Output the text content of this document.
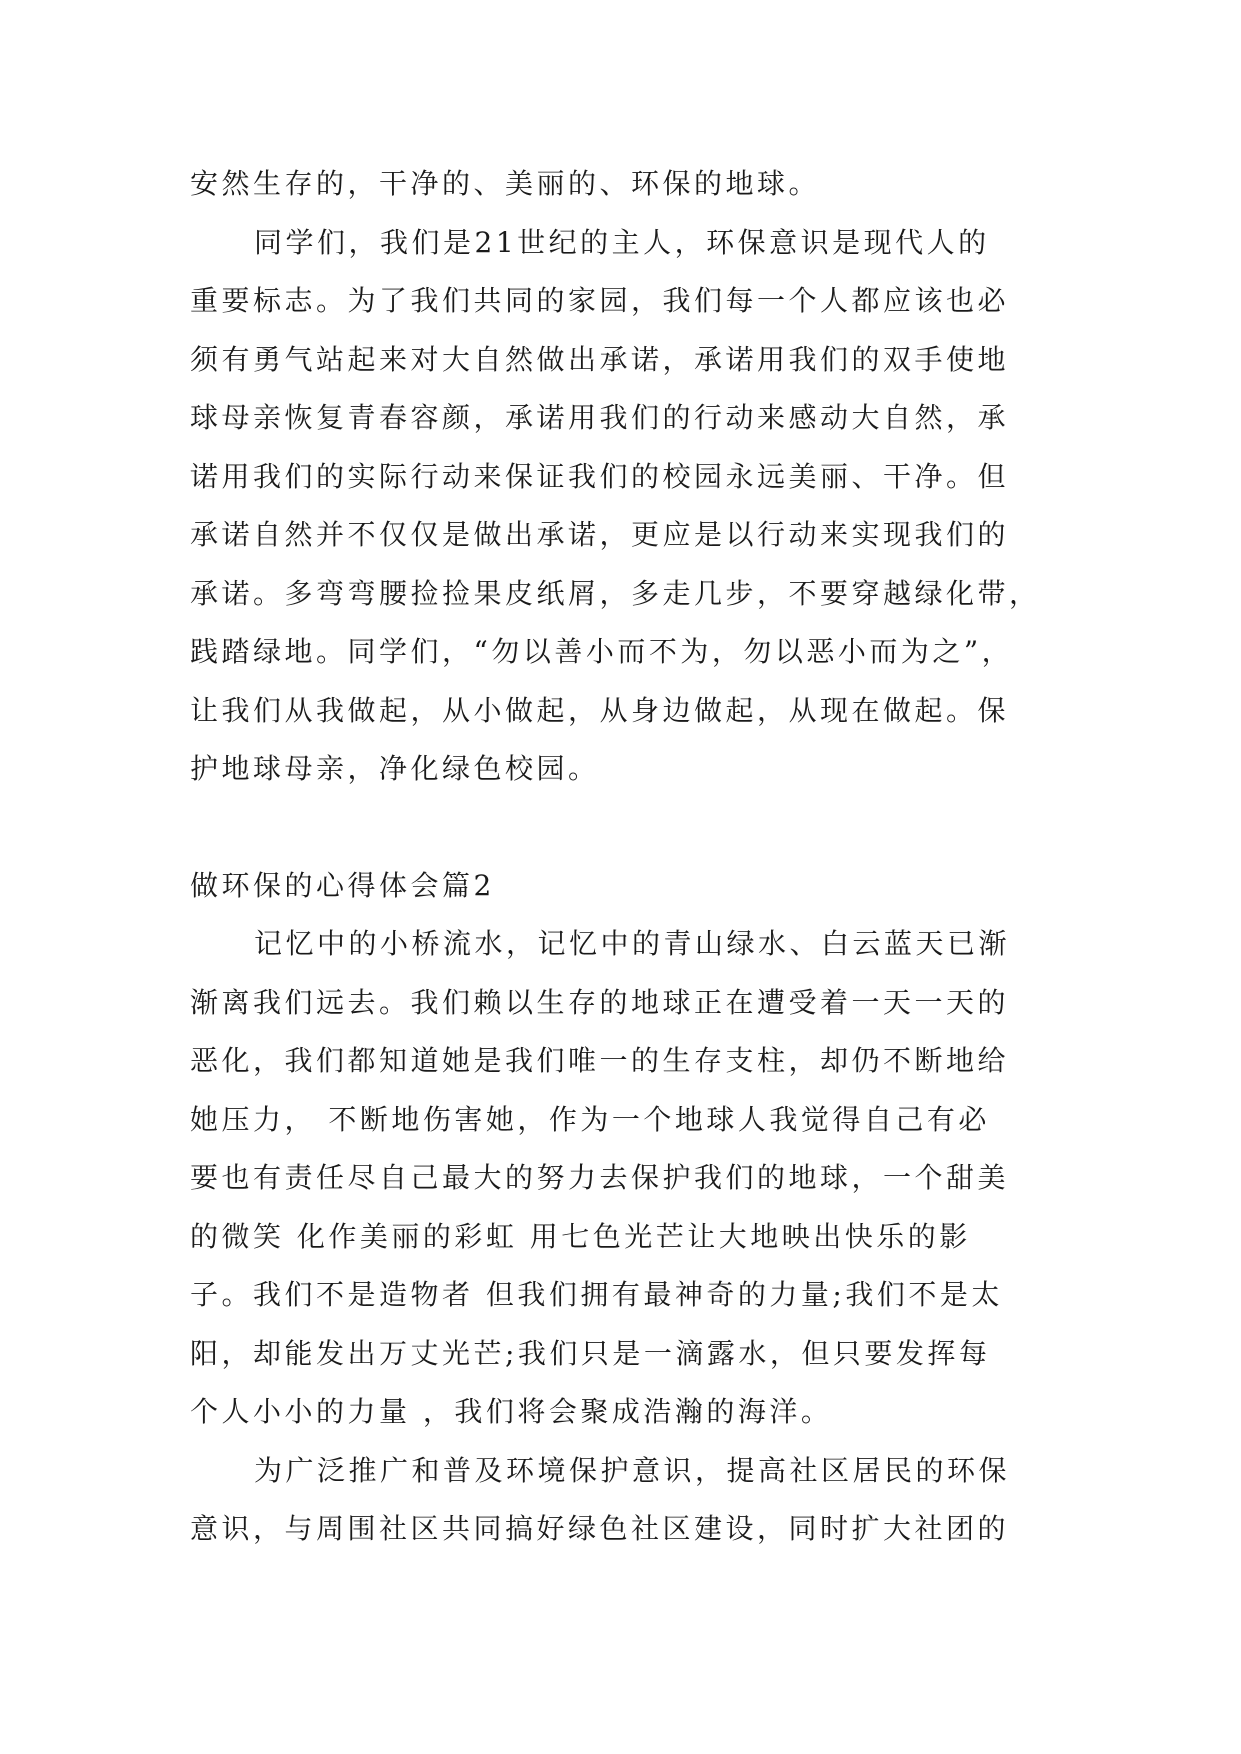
安然生存的，干净的、美丽的、环保的地球。
同学们，我们是21世纪的主人，环保意识是现代人的
重要标志。为了我们共同的家园，我们每一个人都应该也必
须有勇气站起来对大自然做出承诺，承诺用我们的双手使地
球母亲恢复青春容颜，承诺用我们的行动来感动大自然，承
诺用我们的实际行动来保证我们的校园永远美丽、干净。但
承诺自然并不仅仅是做出承诺，更应是以行动来实现我们的
承诺。多弯弯腰捡捡果皮纸屑，多走几步，不要穿越绿化带，
践踏绿地。同学们，“勿以善小而不为，勿以恶小而为之”，
让我们从我做起，从小做起，从身边做起，从现在做起。保
护地球母亲，净化绿色校园。
做环保的心得体会篇2
记忆中的小桥流水，记忆中的青山绿水、白云蓝天已渐
渐离我们远去。我们赖以生存的地球正在遭受着一天一天的
恶化，我们都知道她是我们唯一的生存支柱，却仍不断地给
她压力， 不断地伤害她，作为一个地球人我觉得自己有必
要也有责任尽自己最大的努力去保护我们的地球，一个甜美
的微笑 化作美丽的彩虹 用七色光芒让大地映出快乐的影
子。我们不是造物者 但我们拥有最神奇的力量;我们不是太
阳，却能发出万丈光芒;我们只是一滴露水，但只要发挥每
个人小小的力量 ，我们将会聚成浩瀚的海洋。
为广泛推广和普及环境保护意识，提高社区居民的环保
意识，与周围社区共同搞好绿色社区建设，同时扩大社团的
